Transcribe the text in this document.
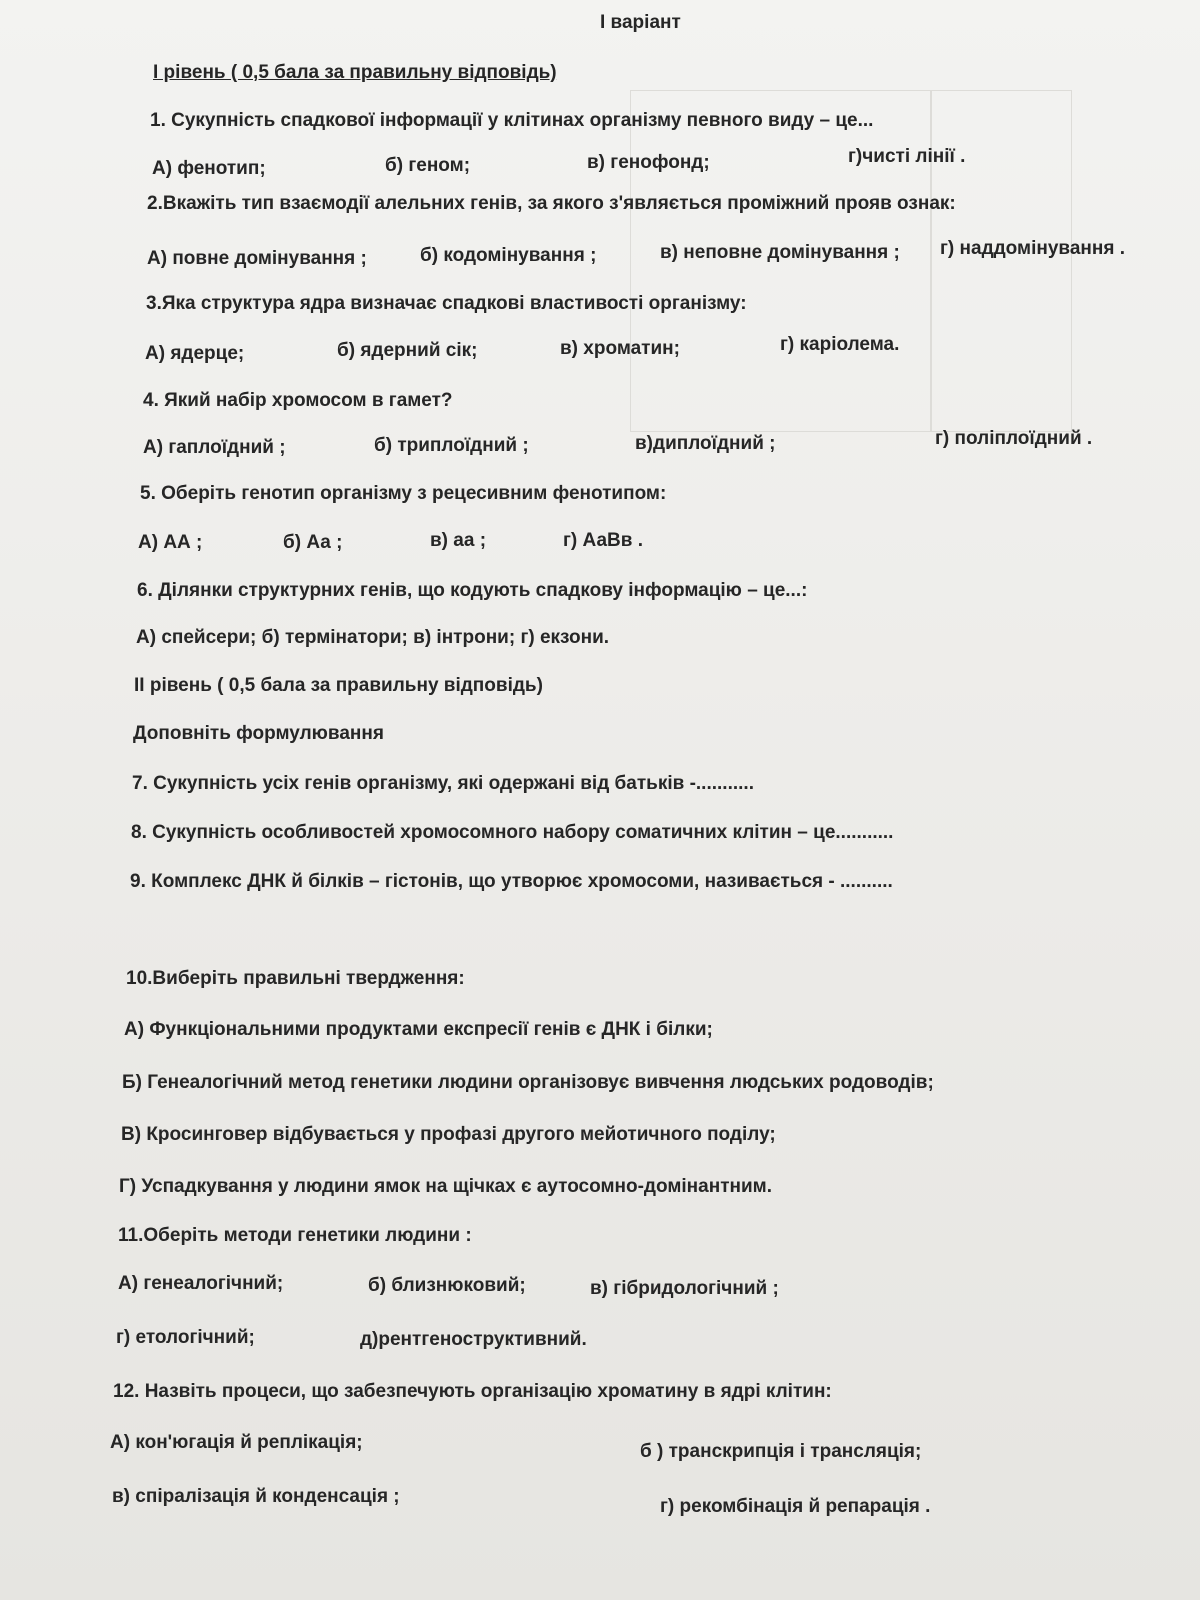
І варіант
І рівень ( 0,5 бала за правильну відповідь)
1. Сукупність спадкової інформації у клітинах організму певного виду – це...
А) фенотип;	б) геном;	в) генофонд;	г)чисті лінії .
2.Вкажіть тип взаємодії алельних генів, за якого з'являється проміжний прояв ознак:
А) повне домінування ;	б) кодомінування ;	в) неповне домінування ; г) наддомінування .
3.Яка структура ядра визначає спадкові властивості організму:
А) ядерце;	б) ядерний сік;	в) хроматин;	г) каріолема.
4. Який набір хромосом в гамет?
А) гаплоїдний ;	б) триплоїдний ;	в)диплоїдний ;	г) поліплоїдний .
5. Оберіть генотип організму з рецесивним фенотипом:
А) АА ;	б) Аа ;	в) аа ;	г) АаВв .
6. Ділянки структурних генів, що кодують спадкову інформацію – це...:
А) спейсери; б) термінатори; в) інтрони; г) екзони.
ІІ рівень ( 0,5 бала за правильну відповідь)
Доповніть формулювання
7. Сукупність усіх генів організму, які одержані від батьків -...........
8. Сукупність особливостей хромосомного набору соматичних клітин – це...........
9. Комплекс ДНК й білків – гістонів, що утворює хромосоми, називається - ..........
10.Виберіть правильні твердження:
А) Функціональними продуктами експресії генів є ДНК і білки;
Б) Генеалогічний метод генетики людини організовує вивчення людських родоводів;
В) Кросинговер відбувається у профазі другого мейотичного поділу;
Г) Успадкування у людини ямок на щічках є аутосомно-домінантним.
11.Оберіть методи генетики людини :
А) генеалогічний;	б) близнюковий;	в) гібридологічний ;
г) етологічний;	д)рентгеноструктивний.
12. Назвіть процеси, що забезпечують організацію хроматину в ядрі клітин:
А) кон'югація й реплікація;	б ) транскрипція і трансляція;
в) спіралізація й конденсація ;	г) рекомбінація й репарація .
